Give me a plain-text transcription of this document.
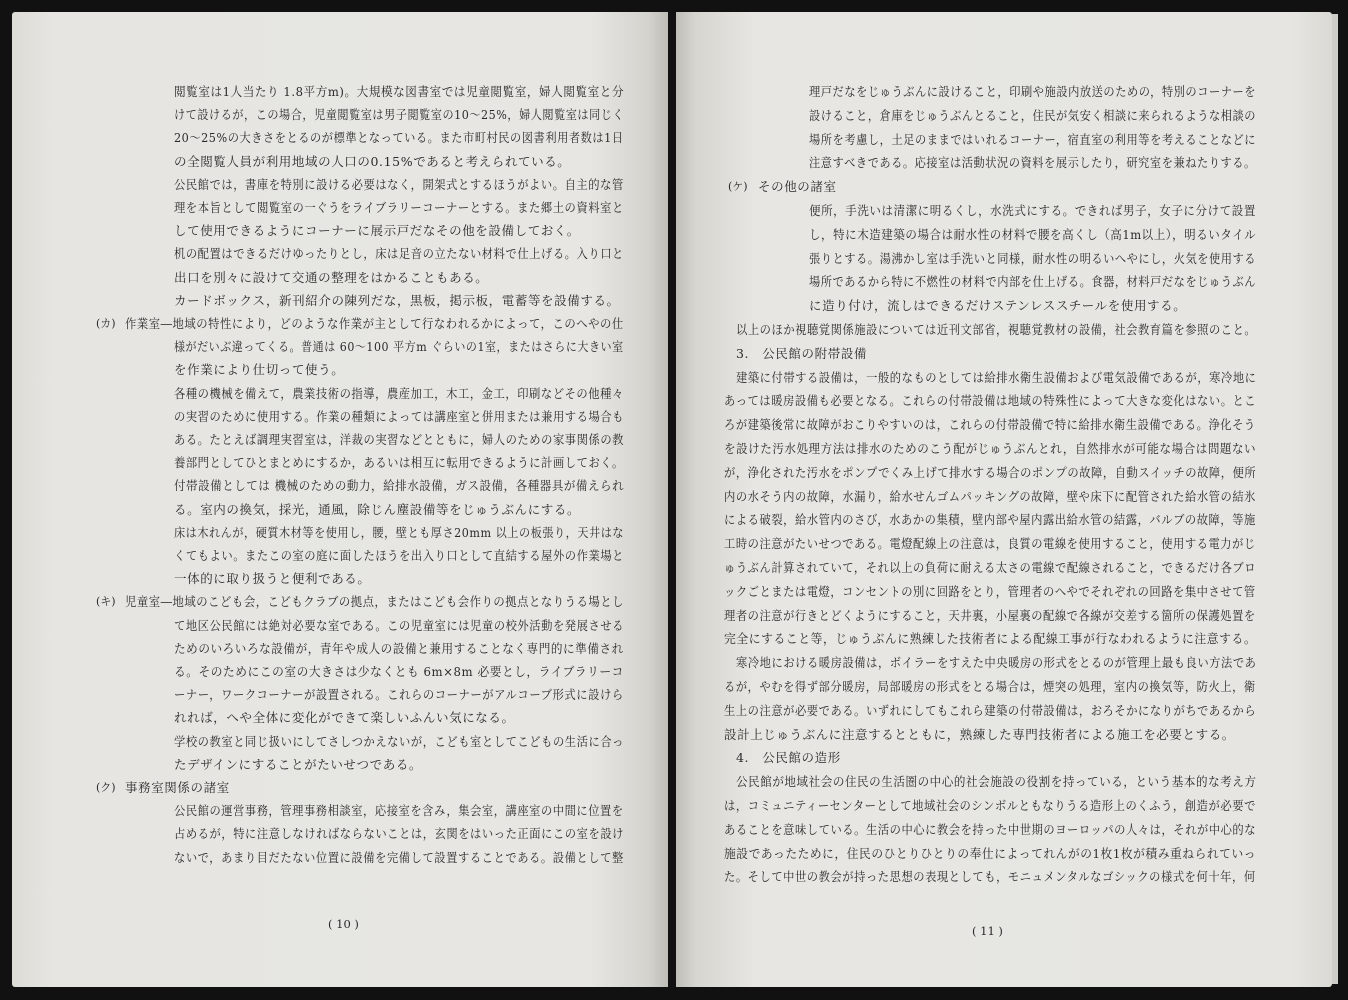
閲覧室は1人当たり 1.8平方m)。大規模な図書室では児童閲覧室，婦人閲覧室と分
けて設けるが，この場合，児童閲覧室は男子閲覧室の10～25%，婦人閲覧室は同じく
20～25%の大きさをとるのが標準となっている。また市町村民の図書利用者数は1日
の全閲覧人員が利用地域の人口の0.15%であると考えられている。
公民館では，書庫を特別に設ける必要はなく，開架式とするほうがよい。自主的な管
理を本旨として閲覧室の一ぐうをライブラリーコーナーとする。また郷土の資料室と
して使用できるようにコーナーに展示戸だなその他を設備しておく。
机の配置はできるだけゆったりとし，床は足音の立たない材料で仕上げる。入り口と
出口を別々に設けて交通の整理をはかることもある。
カードボックス，新刊紹介の陳列だな，黒板，掲示板，電蓄等を設備する。
作業室―地域の特性により，どのような作業が主として行なわれるかによって，このへやの仕
様がだいぶ違ってくる。普通は 60～100 平方m ぐらいの1室，またはさらに大きい室
を作業により仕切って使う。
各種の機械を備えて，農業技術の指導，農産加工，木工，金工，印刷などその他種々
の実習のために使用する。作業の種類によっては講座室と併用または兼用する場合も
ある。たとえば調理実習室は，洋裁の実習などとともに，婦人のための家事関係の教
養部門としてひとまとめにするか，あるいは相互に転用できるように計画しておく。
付帯設備としては 機械のための動力，給排水設備，ガス設備，各種器具が備えられ
る。室内の換気，採光，通風，除じん塵設備等をじゅうぶんにする。
床は木れんが，硬質木材等を使用し，腰，壁とも厚さ20mm 以上の板張り，天井はな
くてもよい。またこの室の庭に面したほうを出入り口として直結する屋外の作業場と
一体的に取り扱うと便利である。
児童室―地域のこども会，こどもクラブの拠点，またはこども会作りの拠点となりうる場とし
て地区公民館には絶対必要な室である。この児童室には児童の校外活動を発展させる
ためのいろいろな設備が，青年や成人の設備と兼用することなく専門的に準備され
る。そのためにこの室の大きさは少なくとも 6m×8m 必要とし，ライブラリーコ
ーナー，ワークコーナーが設置される。これらのコーナーがアルコーブ形式に設けら
れれば，へや全体に変化ができて楽しいふんい気になる。
学校の教室と同じ扱いにしてさしつかえないが，こども室としてこどもの生活に合っ
たデザインにすることがたいせつである。
事務室関係の諸室
公民館の運営事務，管理事務相談室，応接室を含み，集会室，講座室の中間に位置を
占めるが，特に注意しなければならないことは，玄関をはいった正面にこの室を設け
ないで，あまり目だたない位置に設備を完備して設置することである。設備として整
(カ)
(キ)
(ク)
( 10 )
理戸だなをじゅうぶんに設けること，印刷や施設内放送のための，特別のコーナーを
設けること，倉庫をじゅうぶんとること，住民が気安く相談に来られるような相談の
場所を考慮し，土足のままではいれるコーナー，宿直室の利用等を考えることなどに
注意すべきである。応接室は活動状況の資料を展示したり，研究室を兼ねたりする。
その他の諸室
便所，手洗いは清潔に明るくし，水洗式にする。できれば男子，女子に分けて設置
し，特に木造建築の場合は耐水性の材料で腰を高くし（高1m以上），明るいタイル
張りとする。湯沸かし室は手洗いと同様，耐水性の明るいへやにし，火気を使用する
場所であるから特に不燃性の材料で内部を仕上げる。食器，材料戸だなをじゅうぶん
に造り付け，流しはできるだけステンレススチールを使用する。
以上のほか視聴覚関係施設については近刊文部省，視聴覚教材の設備，社会教育篇を参照のこと。
3.　公民館の附帯設備
建築に付帯する設備は，一般的なものとしては給排水衛生設備および電気設備であるが，寒冷地に
あっては暖房設備も必要となる。これらの付帯設備は地域の特殊性によって大きな変化はない。とこ
ろが建築後常に故障がおこりやすいのは，これらの付帯設備で特に給排水衛生設備である。浄化そう
を設けた汚水処理方法は排水のためのこう配がじゅうぶんとれ，自然排水が可能な場合は問題ない
が，浄化された汚水をポンプでくみ上げて排水する場合のポンプの故障，自動スイッチの故障，便所
内の水そう内の故障，水漏り，給水せんゴムパッキングの故障，壁や床下に配管された給水管の結氷
による破裂，給水管内のさび，水あかの集積，壁内部や屋内露出給水管の結露，バルブの故障，等施
工時の注意がたいせつである。電燈配線上の注意は，良質の電線を使用すること，使用する電力がじ
ゅうぶん計算されていて，それ以上の負荷に耐える太さの電線で配線されること，できるだけ各ブロ
ックごとまたは電燈，コンセントの別に回路をとり，管理者のへやでそれぞれの回路を集中させて管
理者の注意が行きとどくようにすること，天井裏，小屋裏の配線で各線が交差する箇所の保護処置を
完全にすること等，じゅうぶんに熟練した技術者による配線工事が行なわれるように注意する。
寒冷地における暖房設備は，ボイラーをすえた中央暖房の形式をとるのが管理上最も良い方法であ
るが，やむを得ず部分暖房，局部暖房の形式をとる場合は，煙突の処理，室内の換気等，防火上，衛
生上の注意が必要である。いずれにしてもこれら建築の付帯設備は，おろそかになりがちであるから
設計上じゅうぶんに注意するとともに，熟練した専門技術者による施工を必要とする。
4.　公民館の造形
公民館が地域社会の住民の生活圏の中心的社会施設の役割を持っている，という基本的な考え方
は，コミュニティーセンターとして地域社会のシンボルともなりうる造形上のくふう，創造が必要で
あることを意味している。生活の中心に教会を持った中世期のヨーロッパの人々は，それが中心的な
施設であったために，住民のひとりひとりの奉仕によってれんがの1枚1枚が積み重ねられていっ
た。そして中世の教会が持った思想の表現としても，モニュメンタルなゴシックの様式を何十年，何
(ケ)
( 11 )
